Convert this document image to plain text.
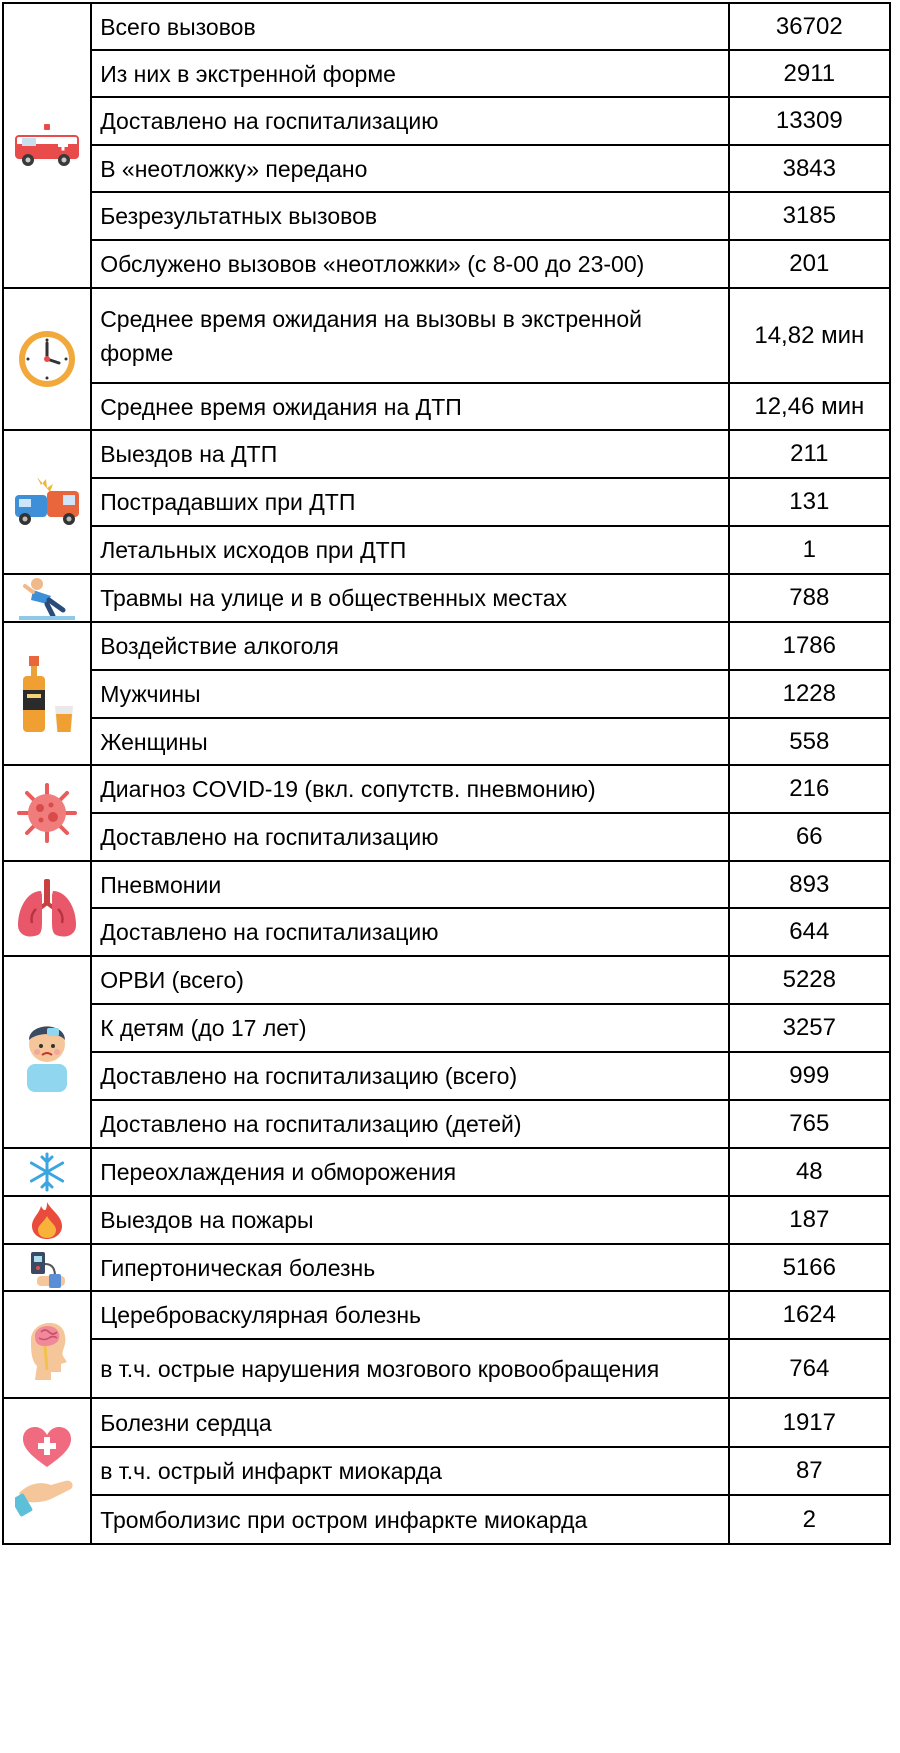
	Всего вызовов	36702
	Из них в экстренной форме	2911
	Доставлено на госпитализацию	13309
	В «неотложку» передано	3843
	Безрезультатных вызовов	3185
	Обслужено вызовов «неотложки» (с 8-00 до 23-00)	201

	Среднее время ожидания на вызовы в экстренной форме	14,82 мин
	Среднее время ожидания на ДТП	12,46 мин

	Выездов на ДТП	211
	Пострадавших при ДТП	131
	Летальных исходов при ДТП	1

	Травмы на улице и в общественных местах	788

	Воздействие алкоголя	1786
	Мужчины	1228
	Женщины	558

	Диагноз COVID-19 (вкл. сопутств. пневмонию)	216
	Доставлено на госпитализацию	66

	Пневмонии	893
	Доставлено на госпитализацию	644

	ОРВИ (всего)	5228
	К детям (до 17 лет)	3257
	Доставлено на госпитализацию (всего)	999
	Доставлено на госпитализацию (детей)	765

	Переохлаждения и обморожения	48

	Выездов на пожары	187

	Гипертоническая болезнь	5166

	Цереброваскулярная болезнь	1624
	в т.ч. острые нарушения мозгового кровообращения	764

	Болезни сердца	1917
	в т.ч. острый инфаркт миокарда	87
	Тромболизис при остром инфаркте миокарда	2
